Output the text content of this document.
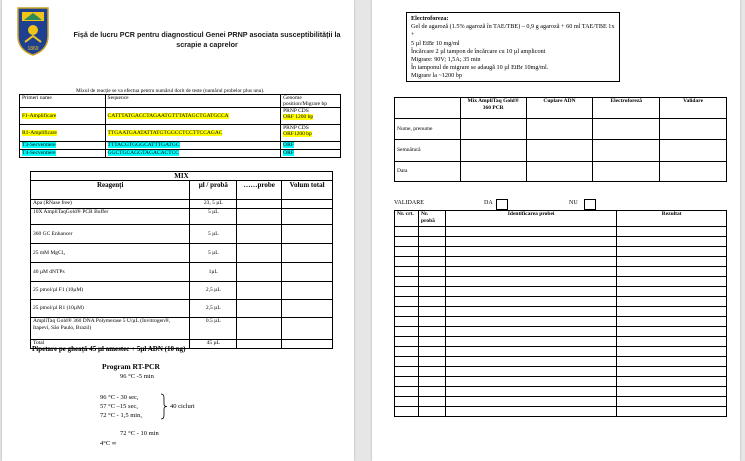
1869
Fișă de lucru PCR pentru diagnosticul Genei PRNP asociata susceptibilității la scrapie a caprelor
Mixul de reacție se va efectua pentru numărul dorit de teste (numărul probelor plus unu).
Primeri name	Sequence	Genome position/Migrare bp
F1-Amplificare	CATTTATGACCTAGAATGTTTATAGCTGATGCCA	PRNP CDS
ORF 1200 bp

R1-Amplificare	TTGAATGAATATTATGTGGCCTCCTTCCAGAC	PRNP CDS
ORF1200 bp

T3-Secventiere	TTTACGTGGGCATTTGATGC	ORF
T4-Secventiere	GGCTGCAGGTAGACACTCC	ORF
MIX			
Reagenți	µl / probă	……probe	Volum total
Apa (RNase free)	23, 5 µL		
10X AmpliTaqGold® PCR Buffer	5 µL		
360 GC Enhancer	5 µL		
25 mM MgCl₂	5 µL		
40 µM dNTPs	1µL		
25 pmol/µl F1 (10µM)	2,5 µL		
25 pmol/µl R1 (10µM)	2,5 µL		
AmpliTaq Gold® 360 DNA Polymerase 5 U/µL (Invitrogen®, Itapevi, São Paulo, Brazil)	0.5 µL		
Total	45 µL		
Pipetare pe gheață 45 µl amestec + 5µl ADN (10 ng)
Program RT-PCR
96 °C -5 min
96 °C - 30 sec,
57 °C –15 sec,
72 °C - 1,5 min,
40 cicluri
72 °C - 10 min
4°C ∞
Electroforeza:
Gel de agaroză (1.5% agaroză în TAE/TBE) – 0,9 g agaroză + 60 ml TAE/TBE 1x +
5 µl EtBr 10 mg/ml
Încărcare 2 µl tampon de încărcare cu 10 µl ampliconi
Migrare: 90V; 1,5A; 35 min
În tamponul de migrare se adaugă 10 µl EtBr 10mg/ml.
Migrare la ~1200 bp
	Mix AmpliTaq Gold® 360 PCR	Cuplare ADN	Electroforeză	Validare
Nume, prenume				
Semnătură				
Data				
VALIDARE	DA	NU
Nr. crt.	Nr. probă	Identificarea probei	Rezultat
